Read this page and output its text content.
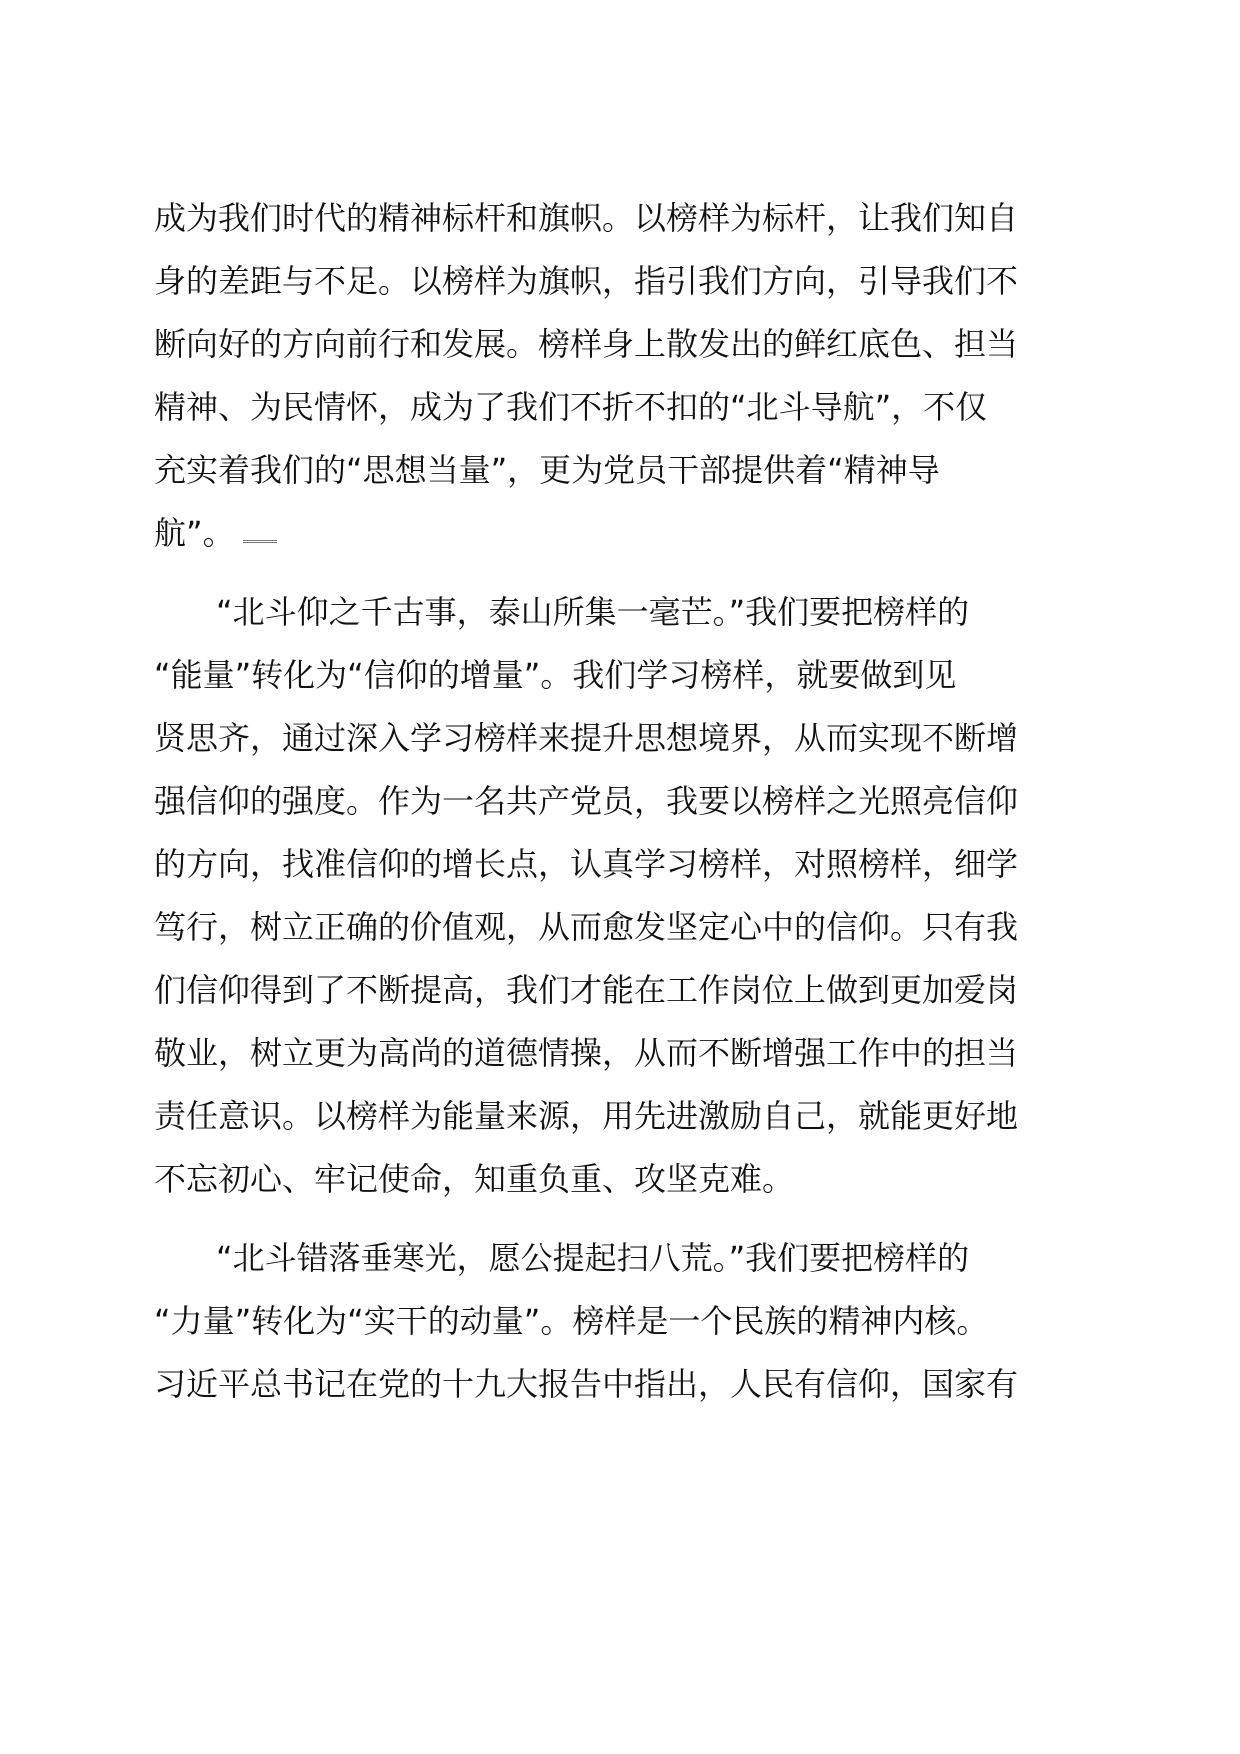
成为我们时代的精神标杆和旗帜。以榜样为标杆，让我们知自
身的差距与不足。以榜样为旗帜，指引我们方向，引导我们不
断向好的方向前行和发展。榜样身上散发出的鲜红底色、担当
精神、为民情怀，成为了我们不折不扣的“北斗导航”，不仅
充实着我们的“思想当量”，更为党员干部提供着“精神导
航”。
“北斗仰之千古事，泰山所集一毫芒。”我们要把榜样的
“能量”转化为“信仰的增量”。我们学习榜样，就要做到见
贤思齐，通过深入学习榜样来提升思想境界，从而实现不断增
强信仰的强度。作为一名共产党员，我要以榜样之光照亮信仰
的方向，找准信仰的增长点，认真学习榜样，对照榜样，细学
笃行，树立正确的价值观，从而愈发坚定心中的信仰。只有我
们信仰得到了不断提高，我们才能在工作岗位上做到更加爱岗
敬业，树立更为高尚的道德情操，从而不断增强工作中的担当
责任意识。以榜样为能量来源，用先进激励自己，就能更好地
不忘初心、牢记使命，知重负重、攻坚克难。
“北斗错落垂寒光，愿公提起扫八荒。”我们要把榜样的
“力量”转化为“实干的动量”。榜样是一个民族的精神内核。
习近平总书记在党的十九大报告中指出，人民有信仰，国家有
